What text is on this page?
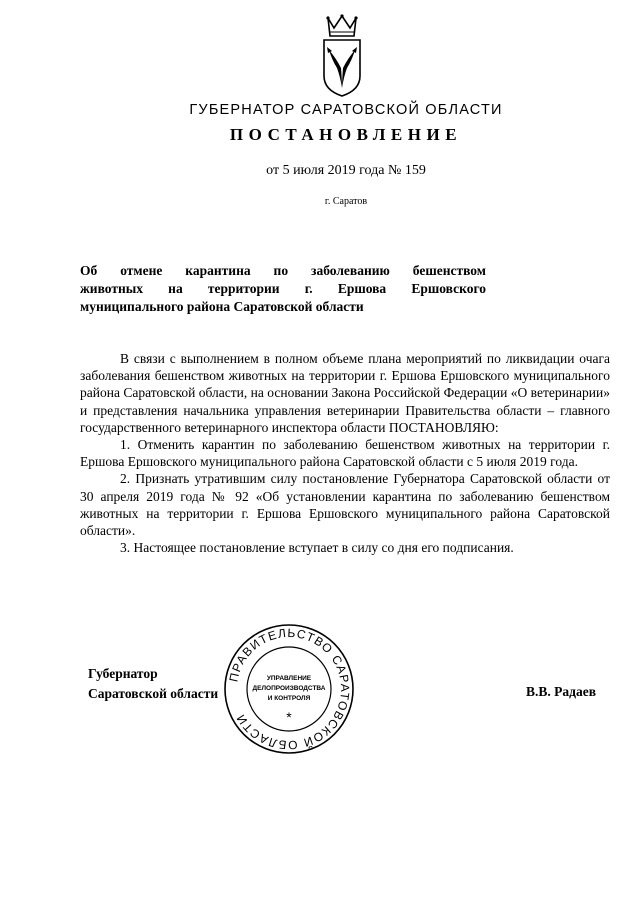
ГУБЕРНАТОР САРАТОВСКОЙ ОБЛАСТИ
ПОСТАНОВЛЕНИЕ
от 5 июля 2019 года № 159
г. Саратов
Об отмене карантина по заболеванию бешенством
животных на территории г. Ершова Ершовского
муниципального района Саратовской области

В связи с выполнением в полном объеме плана мероприятий по ликвидации очага заболевания бешенством животных на территории г. Ершова Ершовского муниципального района Саратовской области, на основании Закона Российской Федерации «О ветеринарии» и представления начальника управления ветеринарии Правительства области – главного государственного ветеринарного инспектора области ПОСТАНОВЛЯЮ:

1. Отменить карантин по заболеванию бешенством животных на территории г. Ершова Ершовского муниципального района Саратовской области с 5 июля 2019 года.

2. Признать утратившим силу постановление Губернатора Саратовской области от 30 апреля 2019 года № 92 «Об установлении карантина по заболеванию бешенством животных на территории г. Ершова Ершовского муниципального района Саратовской области».

3. Настоящее постановление вступает в силу со дня его подписания.

Губернатор
Саратовской области	В.В. Радаев
ПРАВИТЕЛЬСТВО САРАТОВСКОЙ ОБЛАСТИ
УПРАВЛЕНИЕ
ДЕЛОПРОИЗВОДСТВА
И КОНТРОЛЯ
*
